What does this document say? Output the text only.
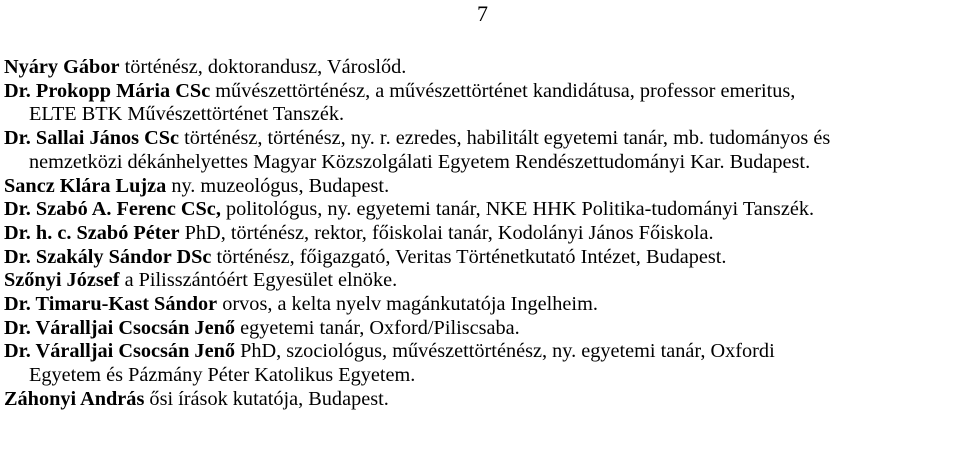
7

Nyáry Gábor történész, doktorandusz, Városlőd.

Dr. Prokopp Mária CSc művészettörténész, a művészettörténet kandidátusa, professor emeritus,
ELTE BTK Művészettörténet Tanszék.

Dr. Sallai János CSc történész, történész, ny. r. ezredes, habilitált egyetemi tanár, mb. tudományos és
nemzetközi dékánhelyettes Magyar Közszolgálati Egyetem Rendészettudományi Kar. Budapest.

Sancz Klára Lujza ny. muzeológus, Budapest.

Dr. Szabó A. Ferenc CSc, politológus, ny. egyetemi tanár, NKE HHK Politika-tudományi Tanszék.

Dr. h. c. Szabó Péter PhD, történész, rektor, főiskolai tanár, Kodolányi János Főiskola.

Dr. Szakály Sándor DSc történész, főigazgató, Veritas Történetkutató Intézet, Budapest.

Szőnyi József a Pilisszántóért Egyesület elnöke.

Dr. Timaru-Kast Sándor orvos, a kelta nyelv magánkutatója Ingelheim.

Dr. Váralljai Csocsán Jenő egyetemi tanár, Oxford/Piliscsaba.

Dr. Váralljai Csocsán Jenő PhD, szociológus, művészettörténész, ny. egyetemi tanár, Oxfordi
Egyetem és Pázmány Péter Katolikus Egyetem.

Záhonyi András ősi írások kutatója, Budapest.
